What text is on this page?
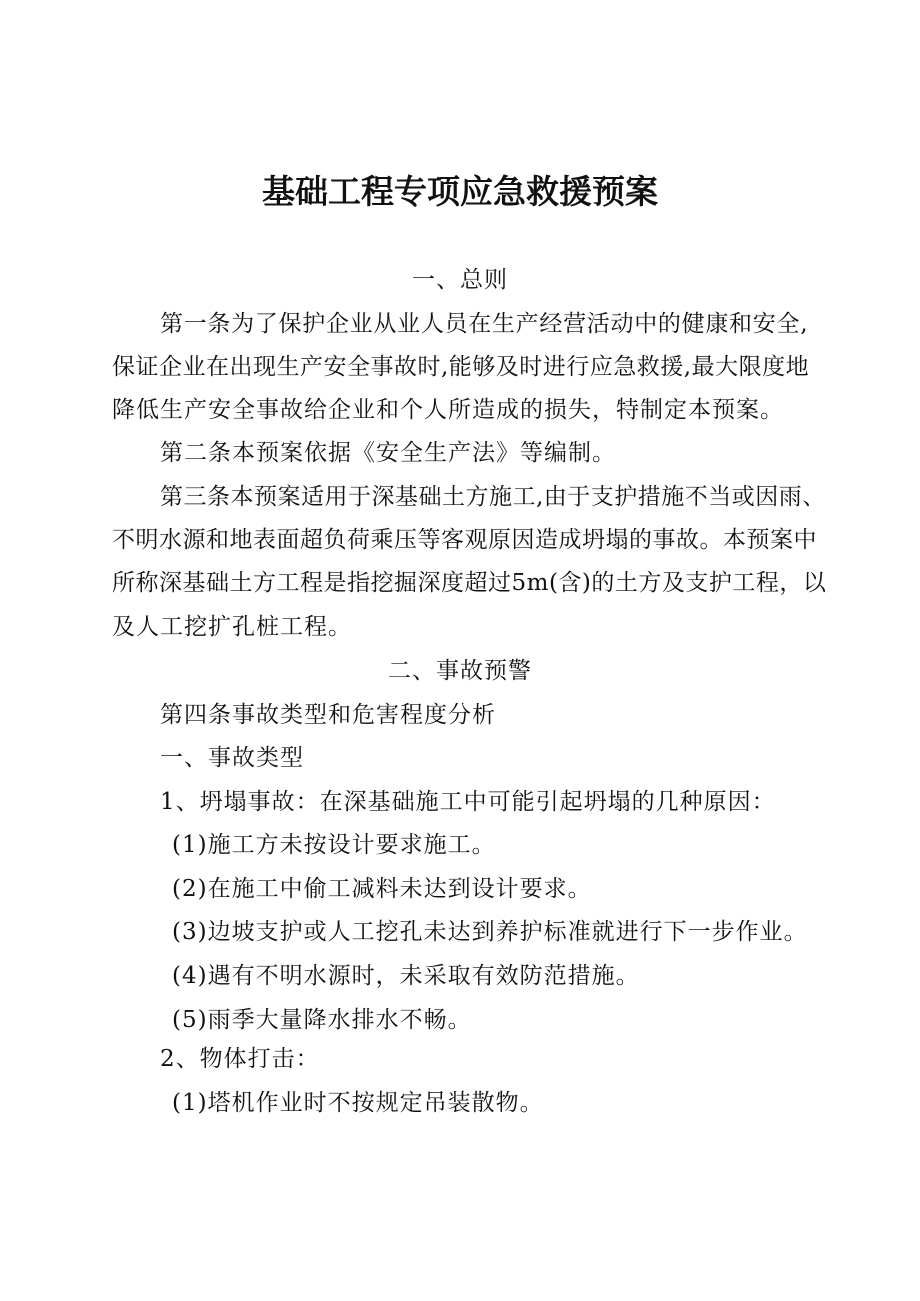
基础工程专项应急救援预案
一、总则
第一条为了保护企业从业人员在生产经营活动中的健康和安全,
保证企业在出现生产安全事故时,能够及时进行应急救援,最大限度地
降低生产安全事故给企业和个人所造成的损失，特制定本预案。
第二条本预案依据《安全生产法》等编制。
第三条本预案适用于深基础土方施工,由于支护措施不当或因雨、
不明水源和地表面超负荷乘压等客观原因造成坍塌的事故。本预案中
所称深基础土方工程是指挖掘深度超过5m(含)的土方及支护工程，以
及人工挖扩孔桩工程。
二、事故预警
第四条事故类型和危害程度分析
一、事故类型
1、坍塌事故：在深基础施工中可能引起坍塌的几种原因：
(1)施工方未按设计要求施工。
(2)在施工中偷工减料未达到设计要求。
(3)边坡支护或人工挖孔未达到养护标准就进行下一步作业。
(4)遇有不明水源时，未采取有效防范措施。
(5)雨季大量降水排水不畅。
2、物体打击：
(1)塔机作业时不按规定吊装散物。
